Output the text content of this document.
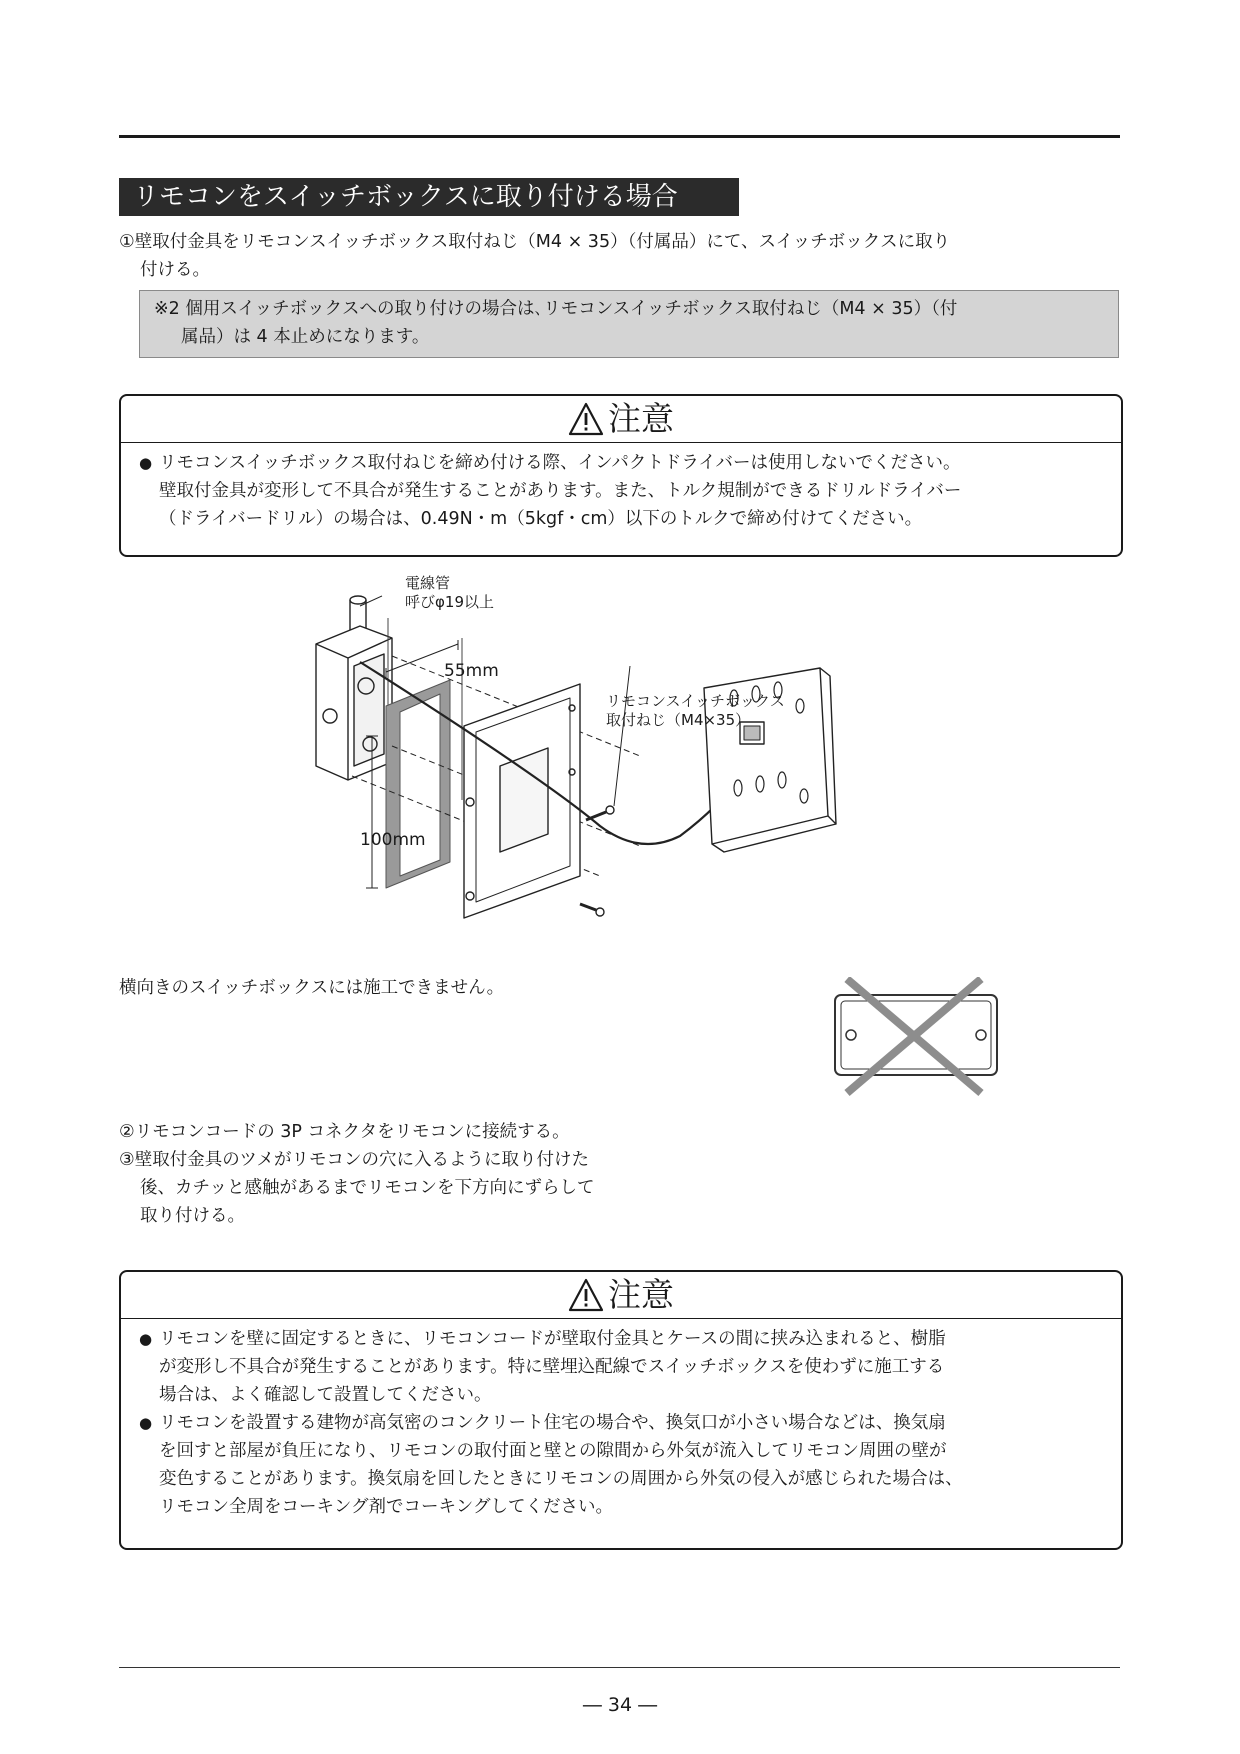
リモコンをスイッチボックスに取り付ける場合
①壁取付金具をリモコンスイッチボックス取付ねじ（M4 × 35）（付属品）にて、スイッチボックスに取り
付ける。
※2 個用スイッチボックスへの取り付けの場合は､リモコンスイッチボックス取付ねじ（M4 × 35）（付
属品）は 4 本止めになります。
注意
● リモコンスイッチボックス取付ねじを締め付ける際、インパクトドライバーは使用しないでください。
壁取付金具が変形して不具合が発生することがあります。また、トルク規制ができるドリルドライバー
（ドライバードリル）の場合は、0.49N・m（5kgf・cm）以下のトルクで締め付けてください。
電線管
呼びφ19以上
55mm
リモコンスイッチボックス
取付ねじ（M4×35）
100mm
横向きのスイッチボックスには施工できません。
②リモコンコードの 3P コネクタをリモコンに接続する。
③壁取付金具のツメがリモコンの穴に入るように取り付けた
後、カチッと感触があるまでリモコンを下方向にずらして
取り付ける。
注意
● リモコンを壁に固定するときに、リモコンコードが壁取付金具とケースの間に挟み込まれると、樹脂
が変形し不具合が発生することがあります。特に壁埋込配線でスイッチボックスを使わずに施工する
場合は、よく確認して設置してください。
● リモコンを設置する建物が高気密のコンクリート住宅の場合や、換気口が小さい場合などは、換気扇
を回すと部屋が負圧になり、リモコンの取付面と壁との隙間から外気が流入してリモコン周囲の壁が
変色することがあります。換気扇を回したときにリモコンの周囲から外気の侵入が感じられた場合は、
リモコン全周をコーキング剤でコーキングしてください。
― 34 ―
